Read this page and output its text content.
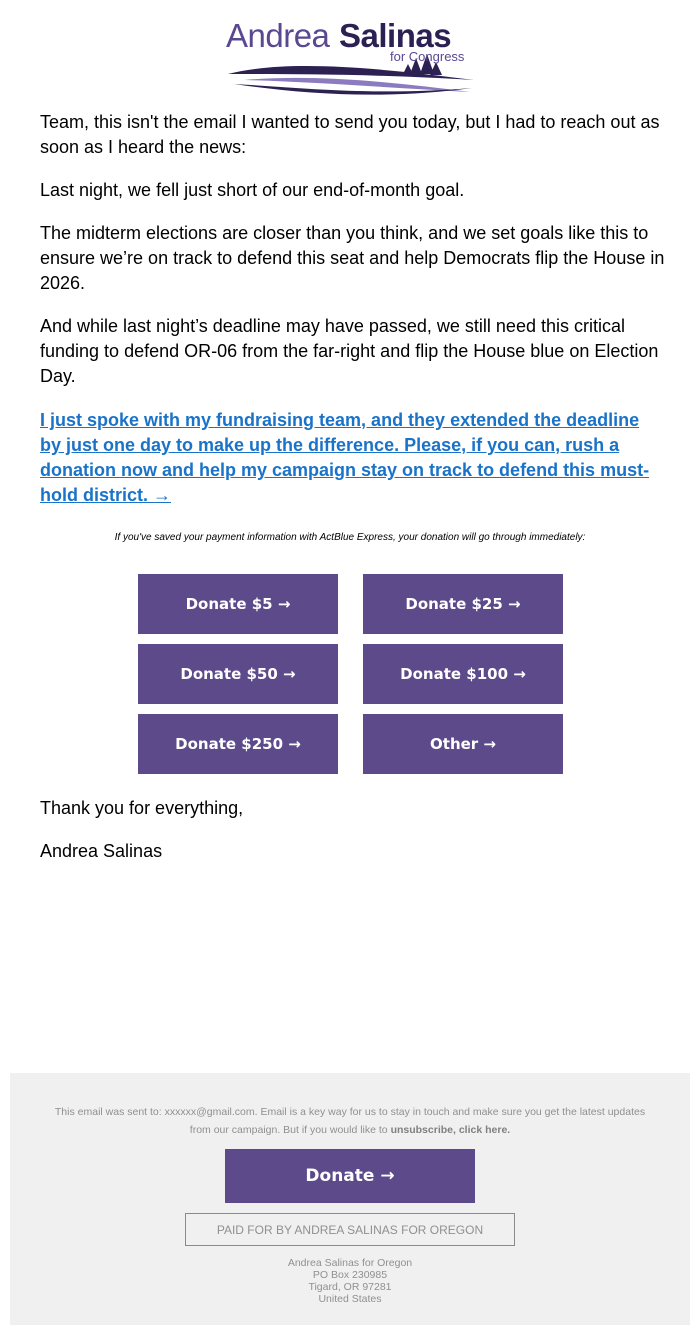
Andrea Salinas
for Congress

Team, this isn't the email I wanted to send you today, but I had to reach out as soon as I heard the news:

Last night, we fell just short of our end-of-month goal.

The midterm elections are closer than you think, and we set goals like this to ensure we’re on track to defend this seat and help Democrats flip the House in 2026.

And while last night’s deadline may have passed, we still need this critical funding to defend OR-06 from the far-right and flip the House blue on Election Day.

I just spoke with my fundraising team, and they extended the deadline by just one day to make up the difference. Please, if you can, rush a donation now and help my campaign stay on track to defend this must-hold district. →

If you've saved your payment information with ActBlue Express, your donation will go through immediately:

Donate $5 →	Donate $25 →
Donate $50 →	Donate $100 →
Donate $250 →	Other →

Thank you for everything,

Andrea Salinas

This email was sent to: xxxxxx@gmail.com. Email is a key way for us to stay in touch and make sure you get the latest updates from our campaign. But if you would like to unsubscribe, click here.

Donate →
PAID FOR BY ANDREA SALINAS FOR OREGON
Andrea Salinas for Oregon
PO Box 230985
Tigard, OR 97281
United States
